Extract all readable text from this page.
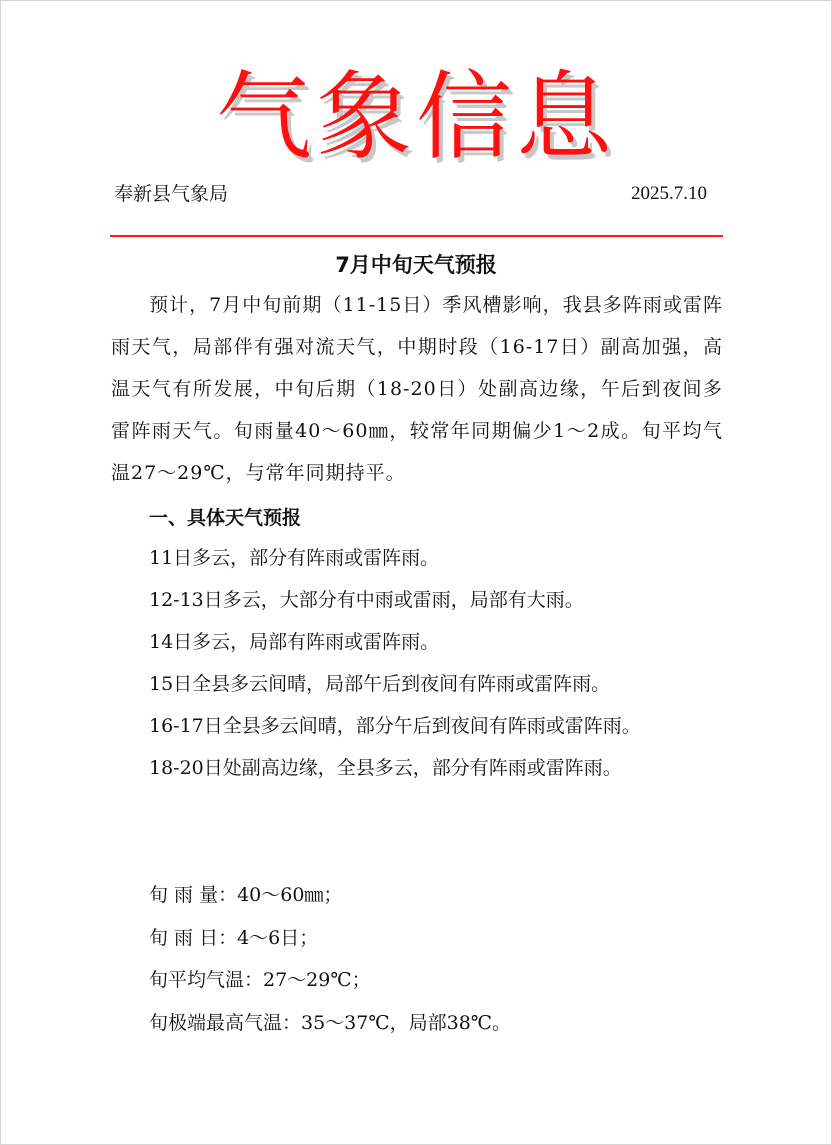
气象信息
奉新县气象局	2025.7.10
7月中旬天气预报
预计，7月中旬前期（11-15日）季风槽影响，我县多阵雨或雷阵雨天气，局部伴有强对流天气，中期时段（16-17日）副高加强，高温天气有所发展，中旬后期（18-20日）处副高边缘，午后到夜间多雷阵雨天气。旬雨量40～60㎜，较常年同期偏少1～2成。旬平均气温27～29℃，与常年同期持平。
一、具体天气预报
11日多云，部分有阵雨或雷阵雨。
12-13日多云，大部分有中雨或雷雨，局部有大雨。
14日多云，局部有阵雨或雷阵雨。
15日全县多云间晴，局部午后到夜间有阵雨或雷阵雨。
16-17日全县多云间晴，部分午后到夜间有阵雨或雷阵雨。
18-20日处副高边缘，全县多云，部分有阵雨或雷阵雨。
旬 雨 量：40～60㎜；
旬 雨 日：4～6日；
旬平均气温：27～29℃；
旬极端最高气温：35～37℃，局部38℃。
